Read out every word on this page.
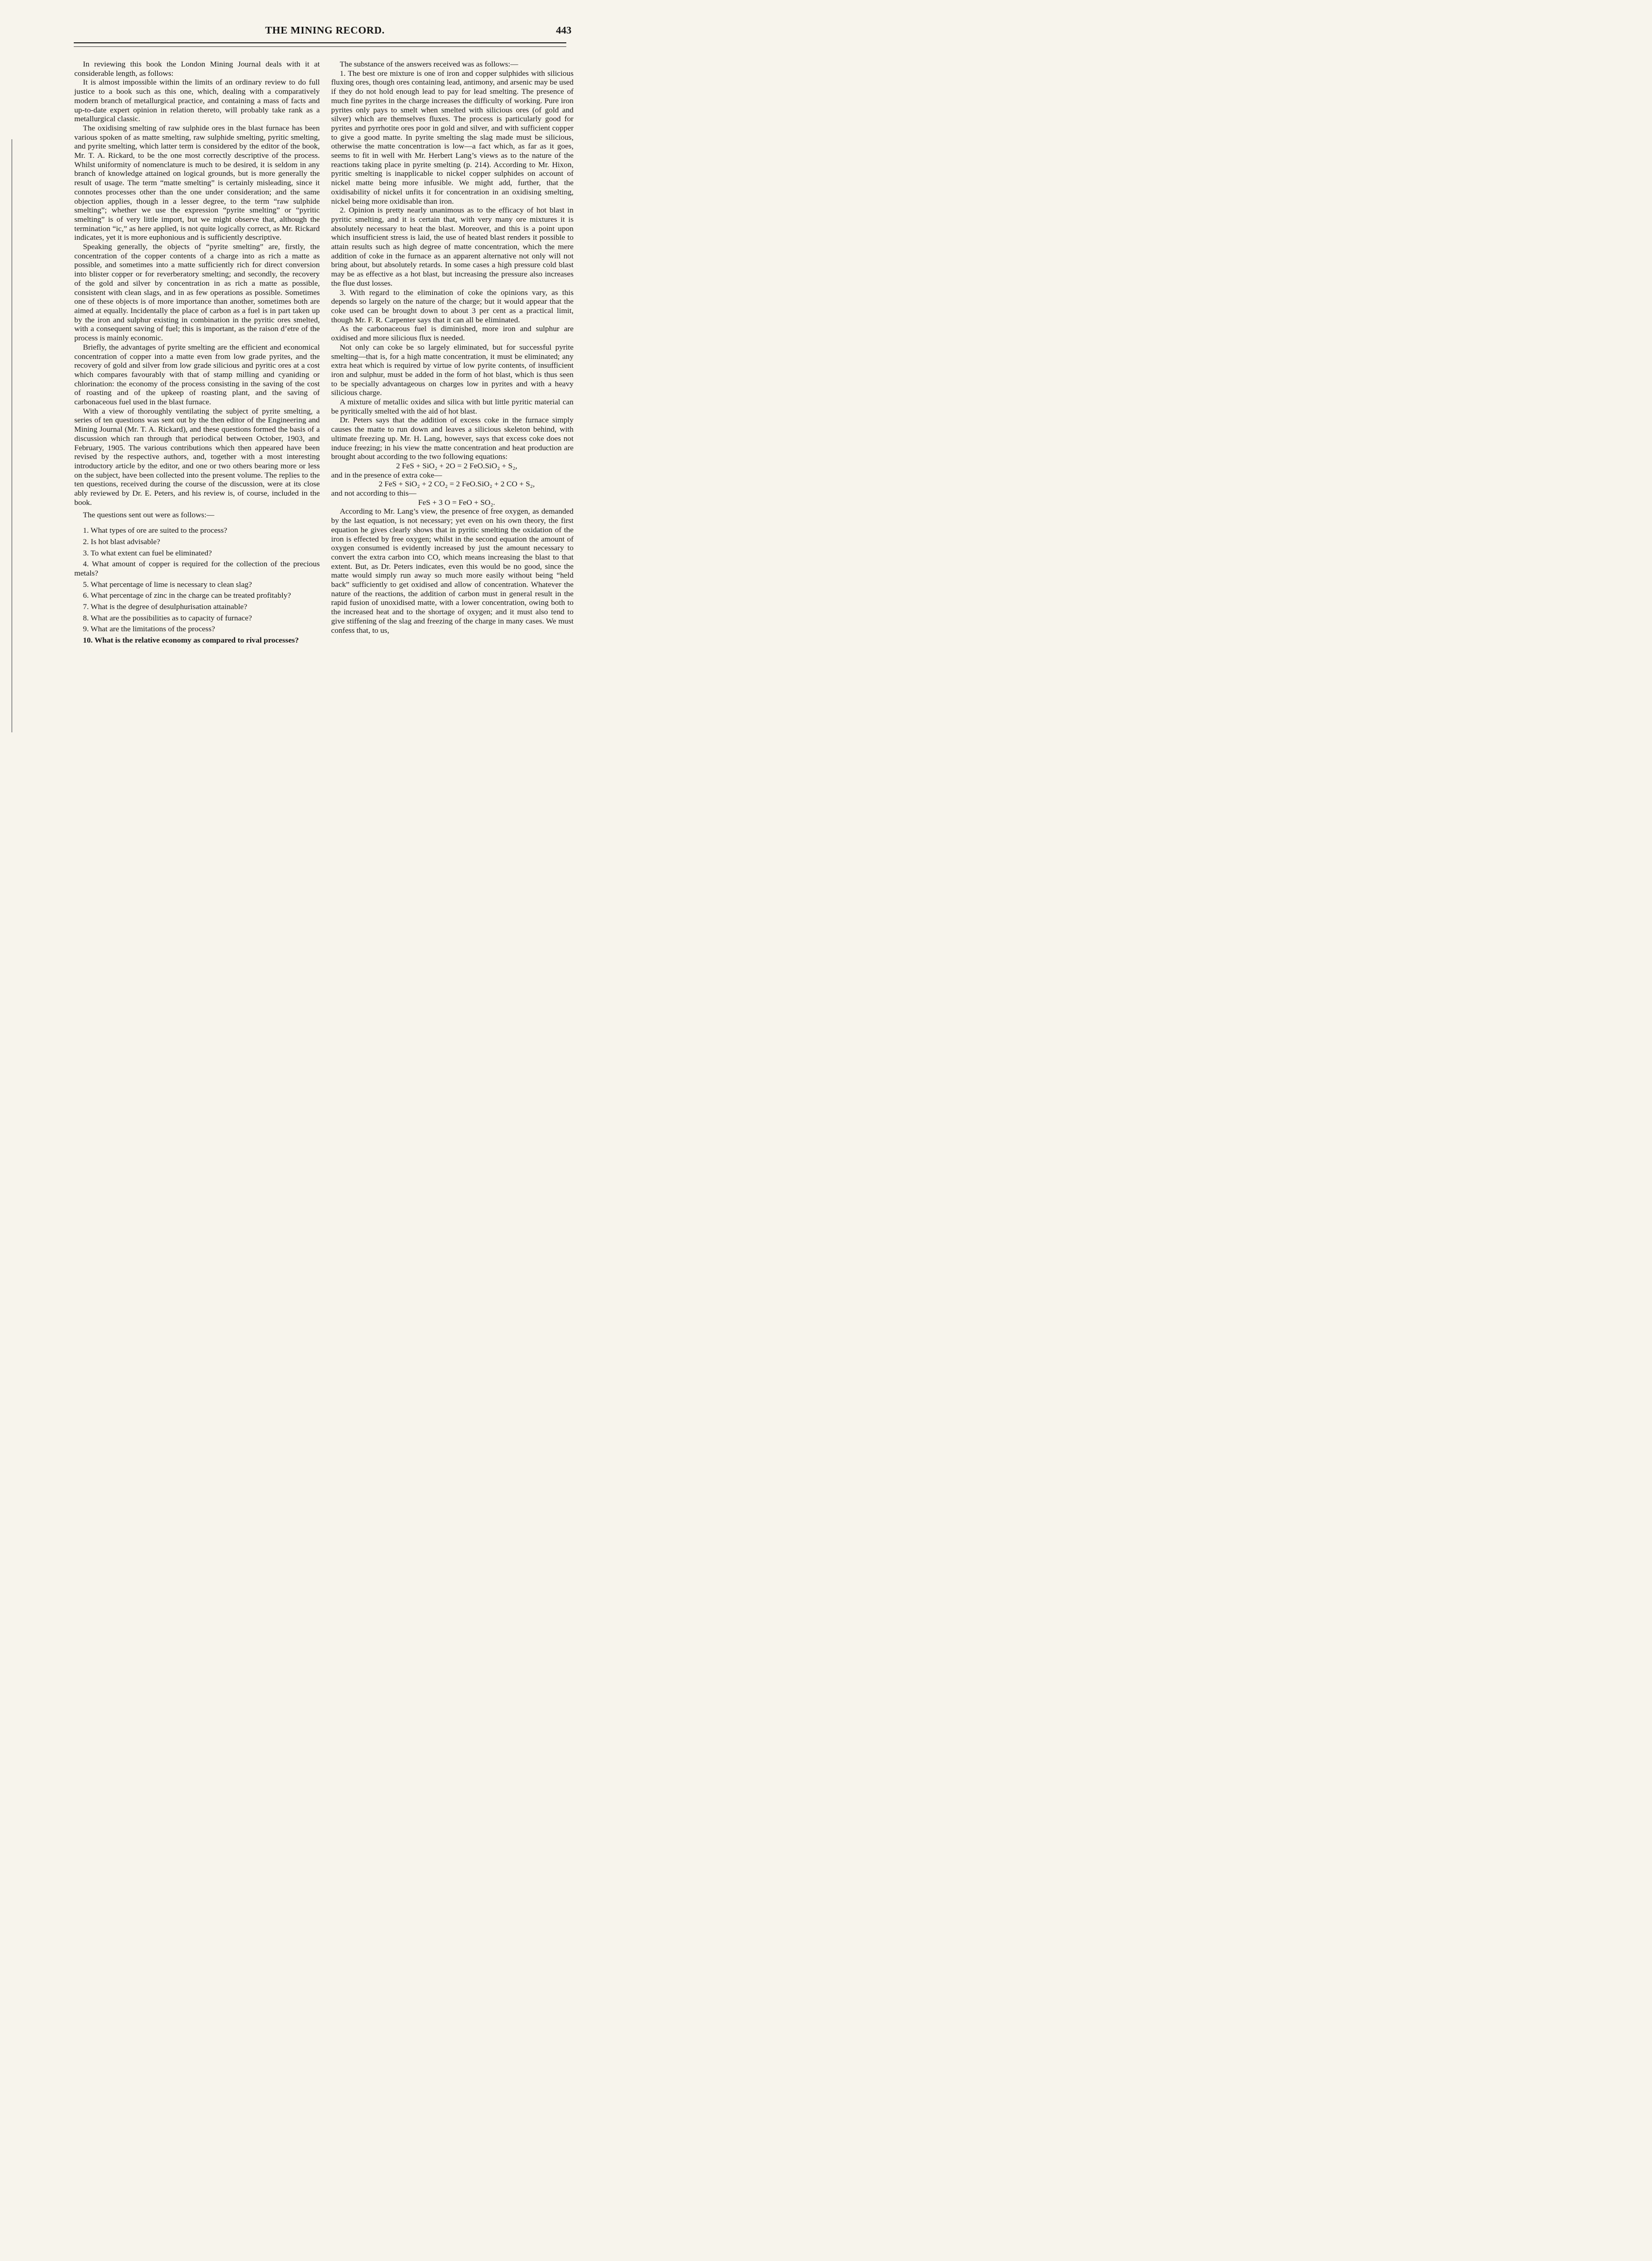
THE MINING RECORD.	443

In reviewing this book the London Mining Journal deals with it at considerable length, as follows:

It is almost impossible within the limits of an ordinary review to do full justice to a book such as this one, which, dealing with a comparatively modern branch of metallurgical practice, and containing a mass of facts and up-to-date expert opinion in relation thereto, will probably take rank as a metallurgical classic.

The oxidising smelting of raw sulphide ores in the blast furnace has been various spoken of as matte smelting, raw sulphide smelting, pyritic smelting, and pyrite smelting, which latter term is considered by the editor of the book, Mr. T. A. Rickard, to be the one most correctly descriptive of the process. Whilst uniformity of nomenclature is much to be desired, it is seldom in any branch of knowledge attained on logical grounds, but is more generally the result of usage. The term “matte smelting” is certainly misleading, since it connotes processes other than the one under consideration; and the same objection applies, though in a lesser degree, to the term “raw sulphide smelting”; whether we use the expression “pyrite smelting” or “pyritic smelting” is of very little import, but we might observe that, although the termination “ic,” as here applied, is not quite logically correct, as Mr. Rickard indicates, yet it is more euphonious and is sufficiently descriptive.

Speaking generally, the objects of “pyrite smelting” are, firstly, the concentration of the copper contents of a charge into as rich a matte as possible, and sometimes into a matte sufficiently rich for direct conversion into blister copper or for reverberatory smelting; and secondly, the recovery of the gold and silver by concentration in as rich a matte as possible, consistent with clean slags, and in as few operations as possible. Sometimes one of these objects is of more importance than another, sometimes both are aimed at equally. Incidentally the place of carbon as a fuel is in part taken up by the iron and sulphur existing in combination in the pyritic ores smelted, with a consequent saving of fuel; this is important, as the raison d’etre of the process is mainly economic.

Briefly, the advantages of pyrite smelting are the efficient and economical concentration of copper into a matte even from low grade pyrites, and the recovery of gold and silver from low grade silicious and pyritic ores at a cost which compares favourably with that of stamp milling and cyaniding or chlorination: the economy of the process consisting in the saving of the cost of roasting and of the upkeep of roasting plant, and the saving of carbonaceous fuel used in the blast furnace.

With a view of thoroughly ventilating the subject of pyrite smelting, a series of ten questions was sent out by the then editor of the Engineering and Mining Journal (Mr. T. A. Rickard), and these questions formed the basis of a discussion which ran through that periodical between October, 1903, and February, 1905. The various contributions which then appeared have been revised by the respective authors, and, together with a most interesting introductory article by the editor, and one or two others bearing more or less on the subject, have been collected into the present volume. The replies to the ten questions, received during the course of the discussion, were at its close ably reviewed by Dr. E. Peters, and his review is, of course, included in the book.

The questions sent out were as follows:—

1. What types of ore are suited to the process?

2. Is hot blast advisable?

3. To what extent can fuel be eliminated?

4. What amount of copper is required for the collection of the precious metals?

5. What percentage of lime is necessary to clean slag?

6. What percentage of zinc in the charge can be treated profitably?

7. What is the degree of desulphurisation attainable?

8. What are the possibilities as to capacity of furnace?

9. What are the limitations of the process?

10. What is the relative economy as compared to rival processes?

The substance of the answers received was as follows:—

1. The best ore mixture is one of iron and copper sulphides with silicious fluxing ores, though ores containing lead, antimony, and arsenic may be used if they do not hold enough lead to pay for lead smelting. The presence of much fine pyrites in the charge increases the difficulty of working. Pure iron pyrites only pays to smelt when smelted with silicious ores (of gold and silver) which are themselves fluxes. The process is particularly good for pyrites and pyrrhotite ores poor in gold and silver, and with sufficient copper to give a good matte. In pyrite smelting the slag made must be silicious, otherwise the matte concentration is low—a fact which, as far as it goes, seems to fit in well with Mr. Herbert Lang’s views as to the nature of the reactions taking place in pyrite smelting (p. 214). According to Mr. Hixon, pyritic smelting is inapplicable to nickel copper sulphides on account of nickel matte being more infusible. We might add, further, that the oxidisability of nickel unfits it for concentration in an oxidising smelting, nickel being more oxidisable than iron.

2. Opinion is pretty nearly unanimous as to the efficacy of hot blast in pyritic smelting, and it is certain that, with very many ore mixtures it is absolutely necessary to heat the blast. Moreover, and this is a point upon which insufficient stress is laid, the use of heated blast renders it possible to attain results such as high degree of matte concentration, which the mere addition of coke in the furnace as an apparent alternative not only will not bring about, but absolutely retards. In some cases a high pressure cold blast may be as effective as a hot blast, but increasing the pressure also increases the flue dust losses.

3. With regard to the elimination of coke the opinions vary, as this depends so largely on the nature of the charge; but it would appear that the coke used can be brought down to about 3 per cent as a practical limit, though Mr. F. R. Carpenter says that it can all be eliminated.

As the carbonaceous fuel is diminished, more iron and sulphur are oxidised and more silicious flux is needed.

Not only can coke be so largely eliminated, but for successful pyrite smelting—that is, for a high matte concentration, it must be eliminated; any extra heat which is required by virtue of low pyrite contents, of insufficient iron and sulphur, must be added in the form of hot blast, which is thus seen to be specially advantageous on charges low in pyrites and with a heavy silicious charge.

A mixture of metallic oxides and silica with but little pyritic material can be pyritically smelted with the aid of hot blast.

Dr. Peters says that the addition of excess coke in the furnace simply causes the matte to run down and leaves a silicious skeleton behind, with ultimate freezing up. Mr. H. Lang, however, says that excess coke does not induce freezing; in his view the matte concentration and heat production are brought about according to the two following equations:

2 FeS + SiO₂ + 2O = 2 FeO.SiO₂ + S₂,

and in the presence of extra coke—

2 FeS + SiO₂ + 2 CO₂ = 2 FeO.SiO₂ + 2 CO + S₂,

and not according to this—

FeS + 3 O = FeO + SO₂.

According to Mr. Lang’s view, the presence of free oxygen, as demanded by the last equation, is not necessary; yet even on his own theory, the first equation he gives clearly shows that in pyritic smelting the oxidation of the iron is effected by free oxygen; whilst in the second equation the amount of oxygen consumed is evidently increased by just the amount necessary to convert the extra carbon into CO, which means increasing the blast to that extent. But, as Dr. Peters indicates, even this would be no good, since the matte would simply run away so much more easily without being “held back” sufficiently to get oxidised and allow of concentration. Whatever the nature of the reactions, the addition of carbon must in general result in the rapid fusion of unoxidised matte, with a lower concentration, owing both to the increased heat and to the shortage of oxygen; and it must also tend to give stiffening of the slag and freezing of the charge in many cases. We must confess that, to us,
